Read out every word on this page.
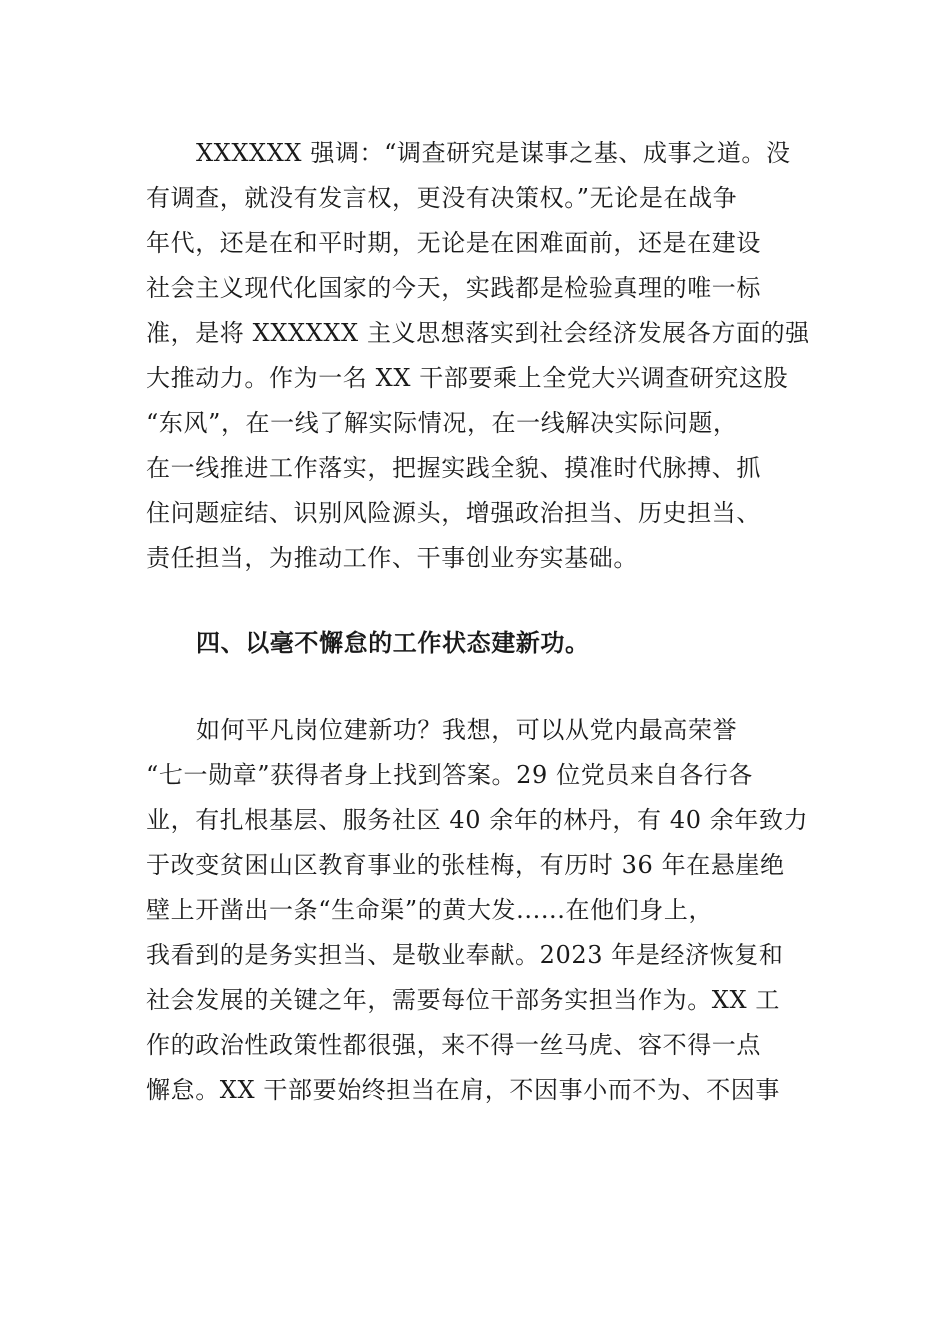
XXXXXX 强调：“调查研究是谋事之基、成事之道。没
有调查，就没有发言权，更没有决策权。”无论是在战争
年代，还是在和平时期，无论是在困难面前，还是在建设
社会主义现代化国家的今天，实践都是检验真理的唯一标
准，是将 XXXXXX 主义思想落实到社会经济发展各方面的强
大推动力。作为一名 XX 干部要乘上全党大兴调查研究这股
“东风”，在一线了解实际情况，在一线解决实际问题，
在一线推进工作落实，把握实践全貌、摸准时代脉搏、抓
住问题症结、识别风险源头，增强政治担当、历史担当、
责任担当，为推动工作、干事创业夯实基础。
四、以毫不懈怠的工作状态建新功。
如何平凡岗位建新功？我想，可以从党内最高荣誉
“七一勋章”获得者身上找到答案。29 位党员来自各行各
业，有扎根基层、服务社区 40 余年的林丹，有 40 余年致力
于改变贫困山区教育事业的张桂梅，有历时 36 年在悬崖绝
壁上开凿出一条“生命渠”的黄大发......在他们身上，
我看到的是务实担当、是敬业奉献。2023 年是经济恢复和
社会发展的关键之年，需要每位干部务实担当作为。XX 工
作的政治性政策性都很强，来不得一丝马虎、容不得一点
懈怠。XX 干部要始终担当在肩，不因事小而不为、不因事
